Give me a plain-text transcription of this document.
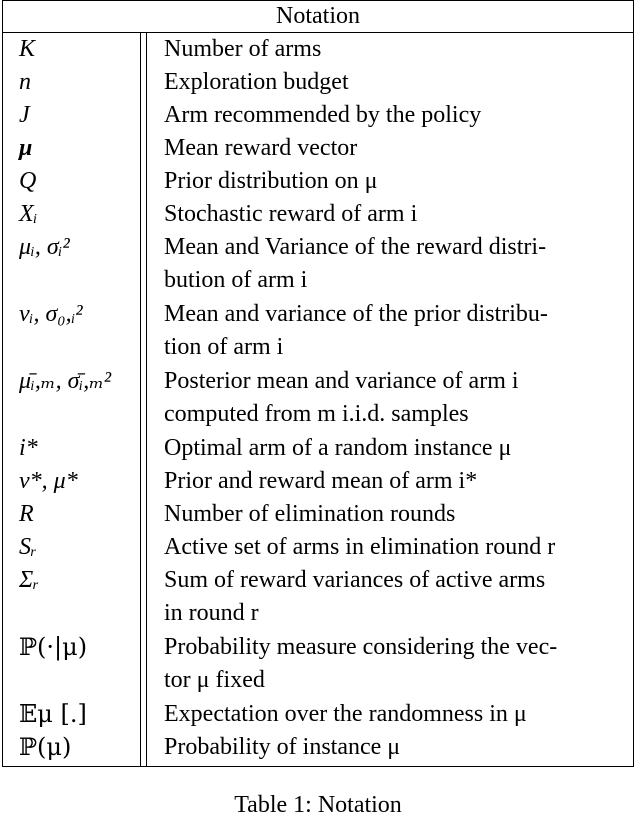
Notation
K	Number of arms
n	Exploration budget
J	Arm recommended by the policy
μ	Mean reward vector
Q	Prior distribution on μ
Xᵢ	Stochastic reward of arm i
μᵢ, σᵢ²	Mean and Variance of the reward distri-
bution of arm i
νᵢ, σ₀,ᵢ²	Mean and variance of the prior distribu-
tion of arm i
μ̄ᵢ,ₘ, σ̄ᵢ,ₘ²	Posterior mean and variance of arm i
computed from m i.i.d. samples
i*	Optimal arm of a random instance μ
ν*, μ*	Prior and reward mean of arm i*
R	Number of elimination rounds
Sᵣ	Active set of arms in elimination round r
Σᵣ	Sum of reward variances of active arms
in round r
ℙ(·|μ)	Probability measure considering the vec-
tor μ fixed
𝔼μ [.]	Expectation over the randomness in μ
ℙ(μ)	Probability of instance μ
Table 1: Notation
